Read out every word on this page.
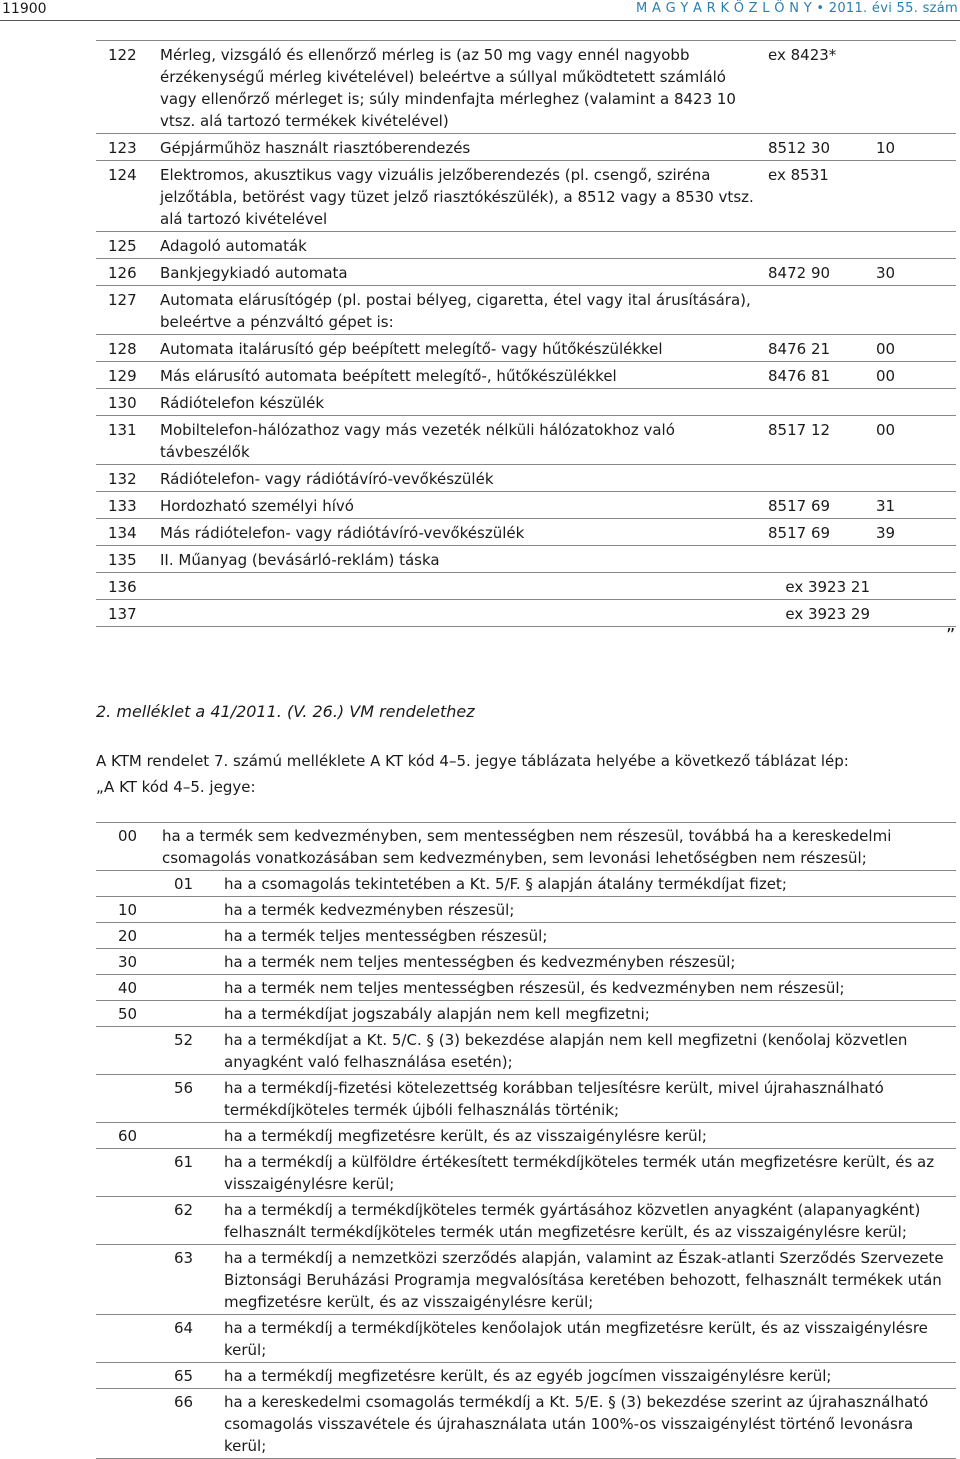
11900	M A G Y A R K Ö Z L Ö N Y • 2011. évi 55. szám
122	Mérleg, vizsgáló és ellenőrző mérleg is (az 50 mg vagy ennél nagyobb érzékenységű mérleg kivételével) beleértve a súllyal működtetett számláló vagy ellenőrző mérleget is; súly mindenfajta mérleghez (valamint a 8423 10 vtsz. alá tartozó termékek kivételével)	ex 8423*	
123	Gépjárműhöz használt riasztóberendezés	8512 30	10
124	Elektromos, akusztikus vagy vizuális jelzőberendezés (pl. csengő, sziréna jelzőtábla, betörést vagy tüzet jelző riasztókészülék), a 8512 vagy a 8530 vtsz. alá tartozó kivételével	ex 8531	
125	Adagoló automaták		
126	Bankjegykiadó automata	8472 90	30
127	Automata elárusítógép (pl. postai bélyeg, cigaretta, étel vagy ital árusítására), beleértve a pénzváltó gépet is:		
128	Automata italárusító gép beépített melegítő- vagy hűtőkészülékkel	8476 21	00
129	Más elárusító automata beépített melegítő-, hűtőkészülékkel	8476 81	00
130	Rádiótelefon készülék		
131	Mobiltelefon-hálózathoz vagy más vezeték nélküli hálózatokhoz való távbeszélők	8517 12	00
132	Rádiótelefon- vagy rádiótávíró-vevőkészülék		
133	Hordozható személyi hívó	8517 69	31
134	Más rádiótelefon- vagy rádiótávíró-vevőkészülék	8517 69	39
135	II. Műanyag (bevásárló-reklám) táska		
136		ex 3923 21	
137		ex 3923 29	
”
2. melléklet a 41/2011. (V. 26.) VM rendelethez
A KTM rendelet 7. számú melléklete A KT kód 4–5. jegye táblázata helyébe a következő táblázat lép:
„A KT kód 4–5. jegye:
00	ha a termék sem kedvezményben, sem mentességben nem részesül, továbbá ha a kereskedelmi csomagolás vonatkozásában sem kedvezményben, sem levonási lehetőségben nem részesül;	
	01	ha a csomagolás tekintetében a Kt. 5/F. § alapján átalány termékdíjat fizet;
10		ha a termék kedvezményben részesül;
20		ha a termék teljes mentességben részesül;
30		ha a termék nem teljes mentességben és kedvezményben részesül;
40		ha a termék nem teljes mentességben részesül, és kedvezményben nem részesül;
50		ha a termékdíjat jogszabály alapján nem kell megfizetni;
	52	ha a termékdíjat a Kt. 5/C. § (3) bekezdése alapján nem kell megfizetni (kenőolaj közvetlen anyagként való felhasználása esetén);
	56	ha a termékdíj-fizetési kötelezettség korábban teljesítésre került, mivel újrahasználható termékdíjköteles termék újbóli felhasználás történik;
60		ha a termékdíj megfizetésre került, és az visszaigénylésre kerül;
	61	ha a termékdíj a külföldre értékesített termékdíjköteles termék után megfizetésre került, és az visszaigénylésre kerül;
	62	ha a termékdíj a termékdíjköteles termék gyártásához közvetlen anyagként (alapanyagként) felhasznált termékdíjköteles termék után megfizetésre került, és az visszaigénylésre kerül;
	63	ha a termékdíj a nemzetközi szerződés alapján, valamint az Észak-atlanti Szerződés Szervezete Biztonsági Beruházási Programja megvalósítása keretében behozott, felhasznált termékek után megfizetésre került, és az visszaigénylésre kerül;
	64	ha a termékdíj a termékdíjköteles kenőolajok után megfizetésre került, és az visszaigénylésre kerül;
	65	ha a termékdíj megfizetésre került, és az egyéb jogcímen visszaigénylésre kerül;
	66	ha a kereskedelmi csomagolás termékdíj a Kt. 5/E. § (3) bekezdése szerint az újrahasználható csomagolás visszavétele és újrahasználata után 100%-os visszaigénylést történő levonásra kerül;
